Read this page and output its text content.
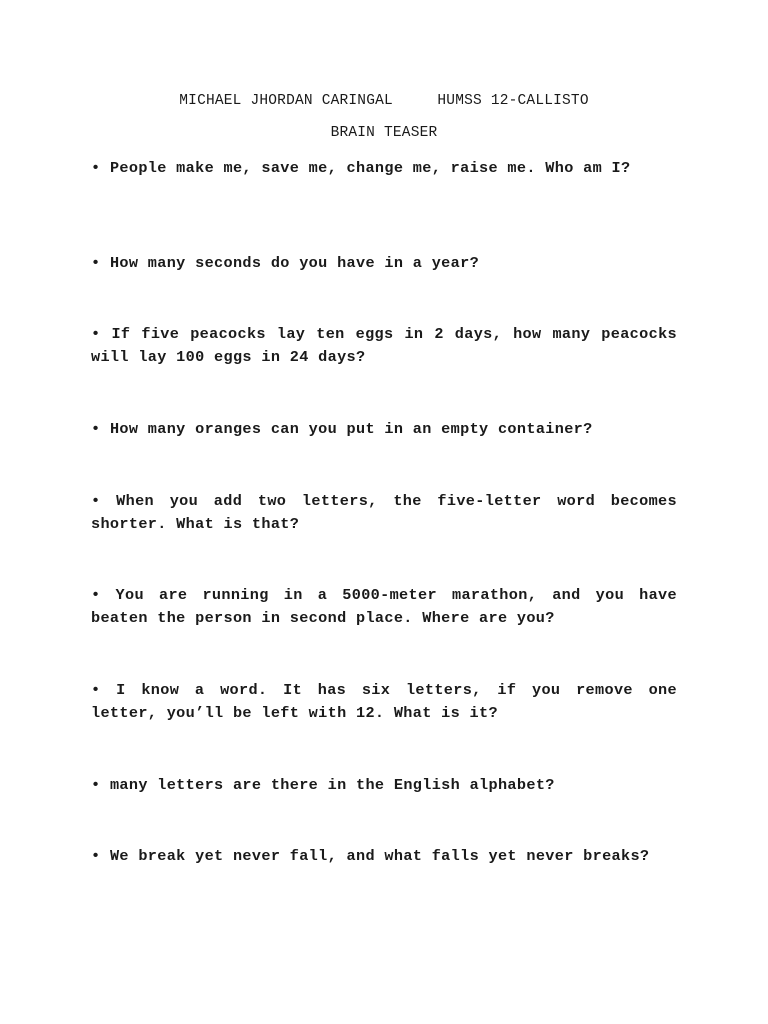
MICHAEL JHORDAN CARINGAL     HUMSS 12-CALLISTO
BRAIN TEASER
• People make me, save me, change me, raise me. Who am I?
• How many seconds do you have in a year?
• If five peacocks lay ten eggs in 2 days, how many peacocks will lay 100 eggs in 24 days?
• How many oranges can you put in an empty container?
• When you add two letters, the five-letter word becomes shorter. What is that?
• You are running in a 5000-meter marathon, and you have beaten the person in second place. Where are you?
• I know a word. It has six letters, if you remove one letter, you’ll be left with 12. What is it?
• many letters are there in the English alphabet?
• We break yet never fall, and what falls yet never breaks?
